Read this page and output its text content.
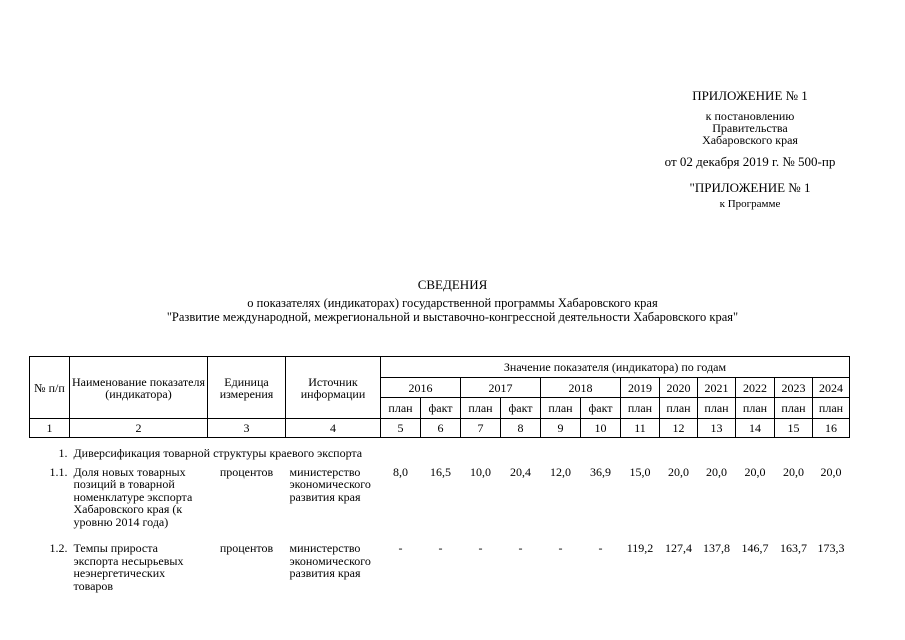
ПРИЛОЖЕНИЕ № 1
к постановлению
Правительства
Хабаровского края
от 02 декабря 2019 г. № 500-пр
"ПРИЛОЖЕНИЕ № 1
к Программе
СВЕДЕНИЯ
о показателях (индикаторах) государственной программы Хабаровского края
"Развитие международной, межрегиональной и выставочно-конгрессной деятельности Хабаровского края"
№ п/п	Наименование показателя (индикатора)	Единица измерения	Источник информации	Значение показателя (индикатора) по годам											
				2016		2017		2018		2019	2020	2021	2022	2023	2024
				план	факт	план	факт	план	факт	план	план	план	план	план	план
1	2	3	4	5	6	7	8	9	10	11	12	13	14	15	16
1.	Диверсификация товарной структуры краевого экспорта														
1.1.	Доля новых товарных позиций в товарной номенклатуре экспорта Хабаровского края (к уровню 2014 года)	процентов	министерство экономического развития края	8,0	16,5	10,0	20,4	12,0	36,9	15,0	20,0	20,0	20,0	20,0	20,0
1.2.	Темпы прироста экспорта несырьевых неэнергетических товаров	процентов	министерство экономического развития края	-	-	-	-	-	-	119,2	127,4	137,8	146,7	163,7	173,3
